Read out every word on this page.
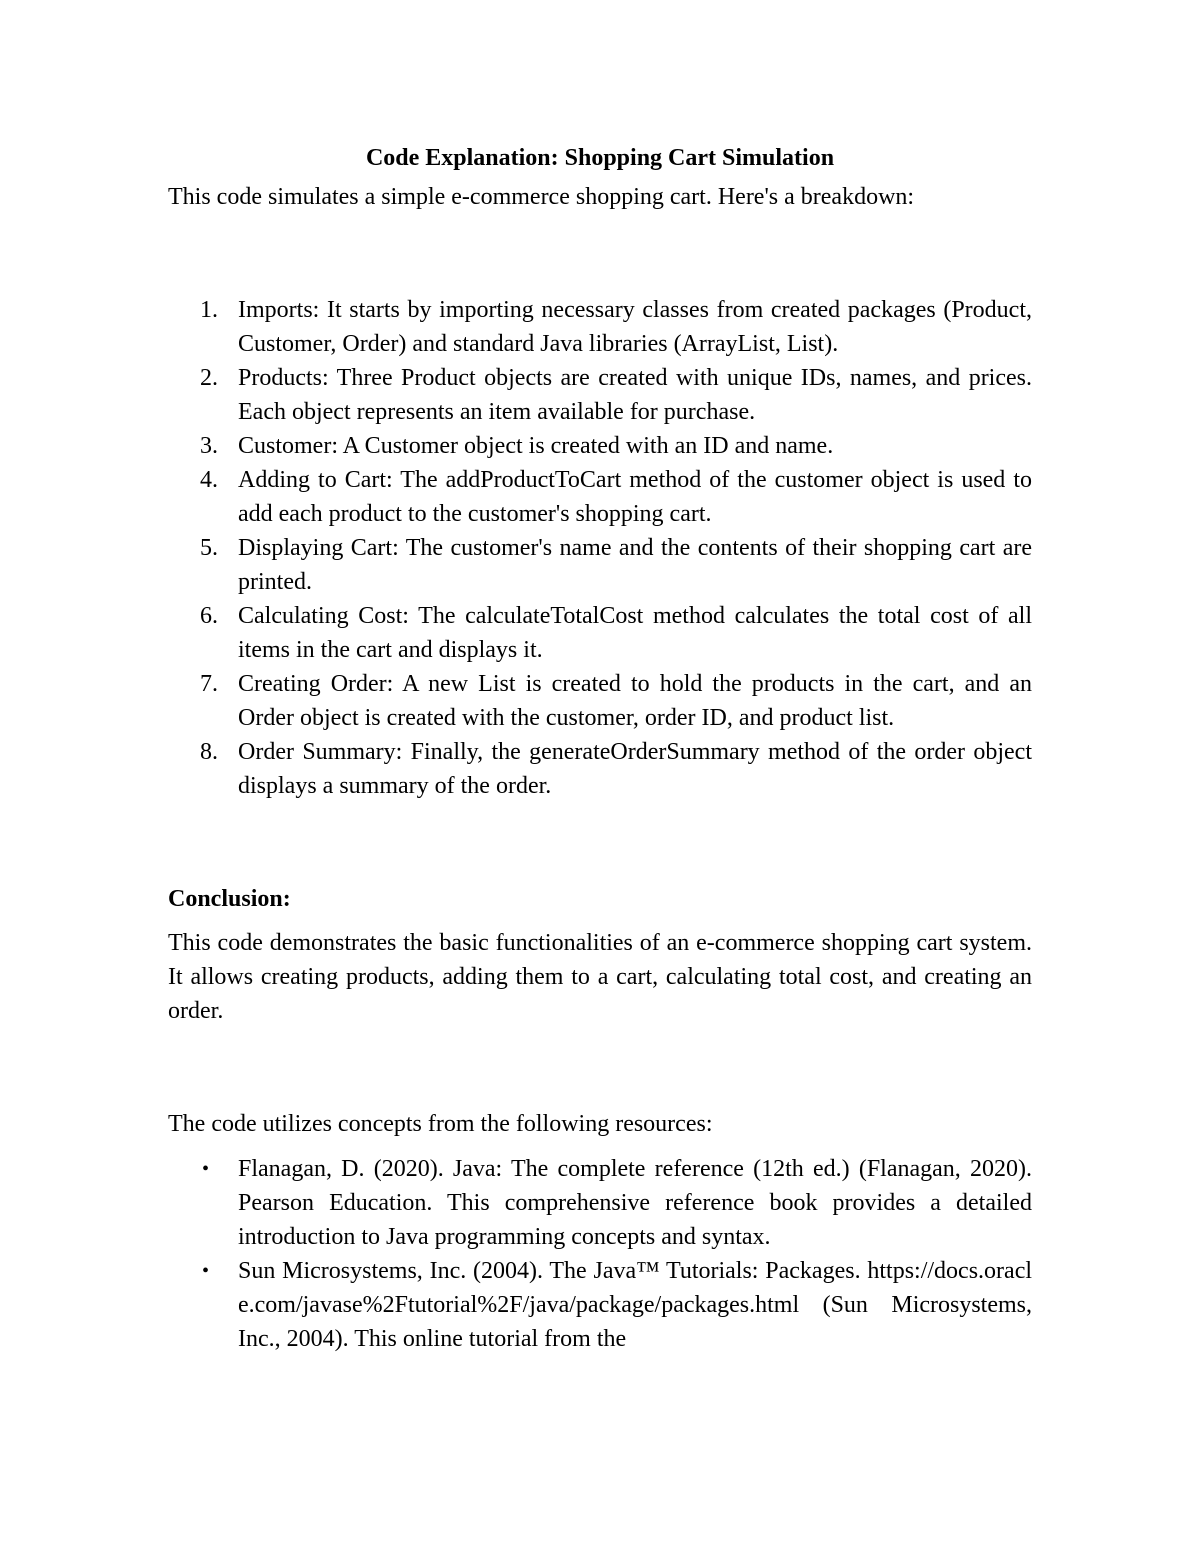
Code Explanation: Shopping Cart Simulation
This code simulates a simple e-commerce shopping cart. Here's a breakdown:
1. Imports: It starts by importing necessary classes from created packages (Product, Customer, Order) and standard Java libraries (ArrayList, List).
2. Products: Three Product objects are created with unique IDs, names, and prices. Each object represents an item available for purchase.
3. Customer: A Customer object is created with an ID and name.
4. Adding to Cart: The addProductToCart method of the customer object is used to add each product to the customer's shopping cart.
5. Displaying Cart: The customer's name and the contents of their shopping cart are printed.
6. Calculating Cost: The calculateTotalCost method calculates the total cost of all items in the cart and displays it.
7. Creating Order: A new List is created to hold the products in the cart, and an Order object is created with the customer, order ID, and product list.
8. Order Summary: Finally, the generateOrderSummary method of the order object displays a summary of the order.
Conclusion:
This code demonstrates the basic functionalities of an e-commerce shopping cart system. It allows creating products, adding them to a cart, calculating total cost, and creating an order.
The code utilizes concepts from the following resources:
• Flanagan, D. (2020). Java: The complete reference (12th ed.) (Flanagan, 2020). Pearson Education. This comprehensive reference book provides a detailed introduction to Java programming concepts and syntax.
• Sun Microsystems, Inc. (2004). The Java™ Tutorials: Packages. https://docs.oracle.com/javase%2Ftutorial%2F/java/package/packages.html (Sun Microsystems, Inc., 2004). This online tutorial from the
